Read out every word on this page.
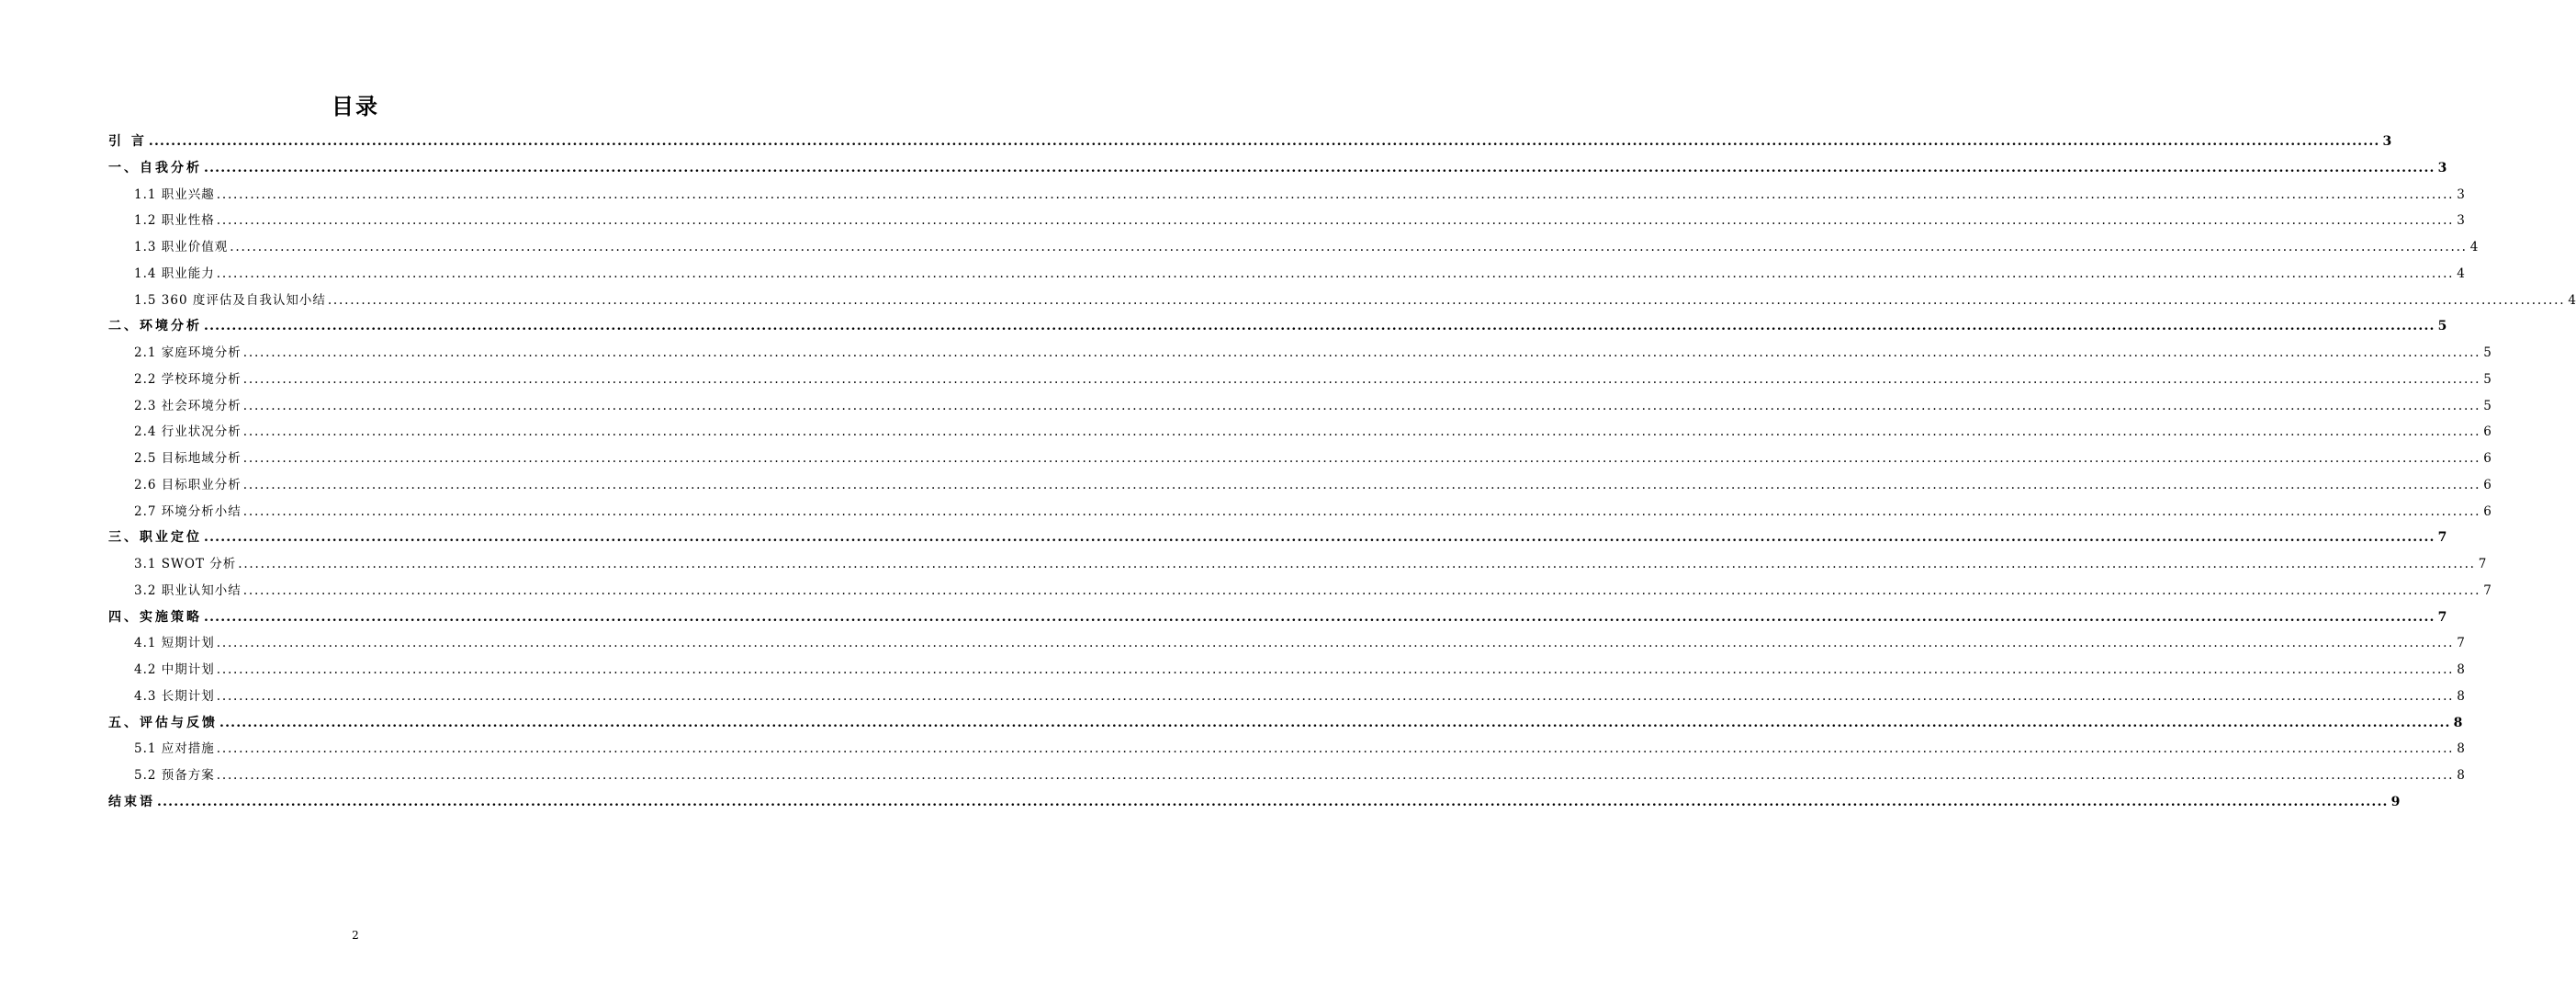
目录
引 言 ................................................................................................................................................................................................................................................................................................................................................................................................................ 3
一、自我分析 ................................................................................................................................................................................................................................................................................................................................................................................................................ 3
1.1 职业兴趣 ................................................................................................................................................................................................................................................................................................................................................................................................................ 3
1.2 职业性格 ................................................................................................................................................................................................................................................................................................................................................................................................................ 3
1.3 职业价值观 ................................................................................................................................................................................................................................................................................................................................................................................................................ 4
1.4 职业能力 ................................................................................................................................................................................................................................................................................................................................................................................................................ 4
1.5 360 度评估及自我认知小结 ................................................................................................................................................................................................................................................................................................................................................................................................................ 4
二、环境分析 ................................................................................................................................................................................................................................................................................................................................................................................................................ 5
2.1 家庭环境分析 ................................................................................................................................................................................................................................................................................................................................................................................................................ 5
2.2 学校环境分析 ................................................................................................................................................................................................................................................................................................................................................................................................................ 5
2.3 社会环境分析 ................................................................................................................................................................................................................................................................................................................................................................................................................ 5
2.4 行业状况分析 ................................................................................................................................................................................................................................................................................................................................................................................................................ 6
2.5 目标地域分析 ................................................................................................................................................................................................................................................................................................................................................................................................................ 6
2.6 目标职业分析 ................................................................................................................................................................................................................................................................................................................................................................................................................ 6
2.7 环境分析小结 ................................................................................................................................................................................................................................................................................................................................................................................................................ 6
三、职业定位 ................................................................................................................................................................................................................................................................................................................................................................................................................ 7
3.1 SWOT 分析 ................................................................................................................................................................................................................................................................................................................................................................................................................ 7
3.2 职业认知小结 ................................................................................................................................................................................................................................................................................................................................................................................................................ 7
四、实施策略 ................................................................................................................................................................................................................................................................................................................................................................................................................ 7
4.1 短期计划 ................................................................................................................................................................................................................................................................................................................................................................................................................ 7
4.2 中期计划 ................................................................................................................................................................................................................................................................................................................................................................................................................ 8
4.3 长期计划 ................................................................................................................................................................................................................................................................................................................................................................................................................ 8
五、评估与反馈 ................................................................................................................................................................................................................................................................................................................................................................................................................ 8
5.1 应对措施 ................................................................................................................................................................................................................................................................................................................................................................................................................ 8
5.2 预备方案 ................................................................................................................................................................................................................................................................................................................................................................................................................ 8
结束语 ................................................................................................................................................................................................................................................................................................................................................................................................................ 9
2
